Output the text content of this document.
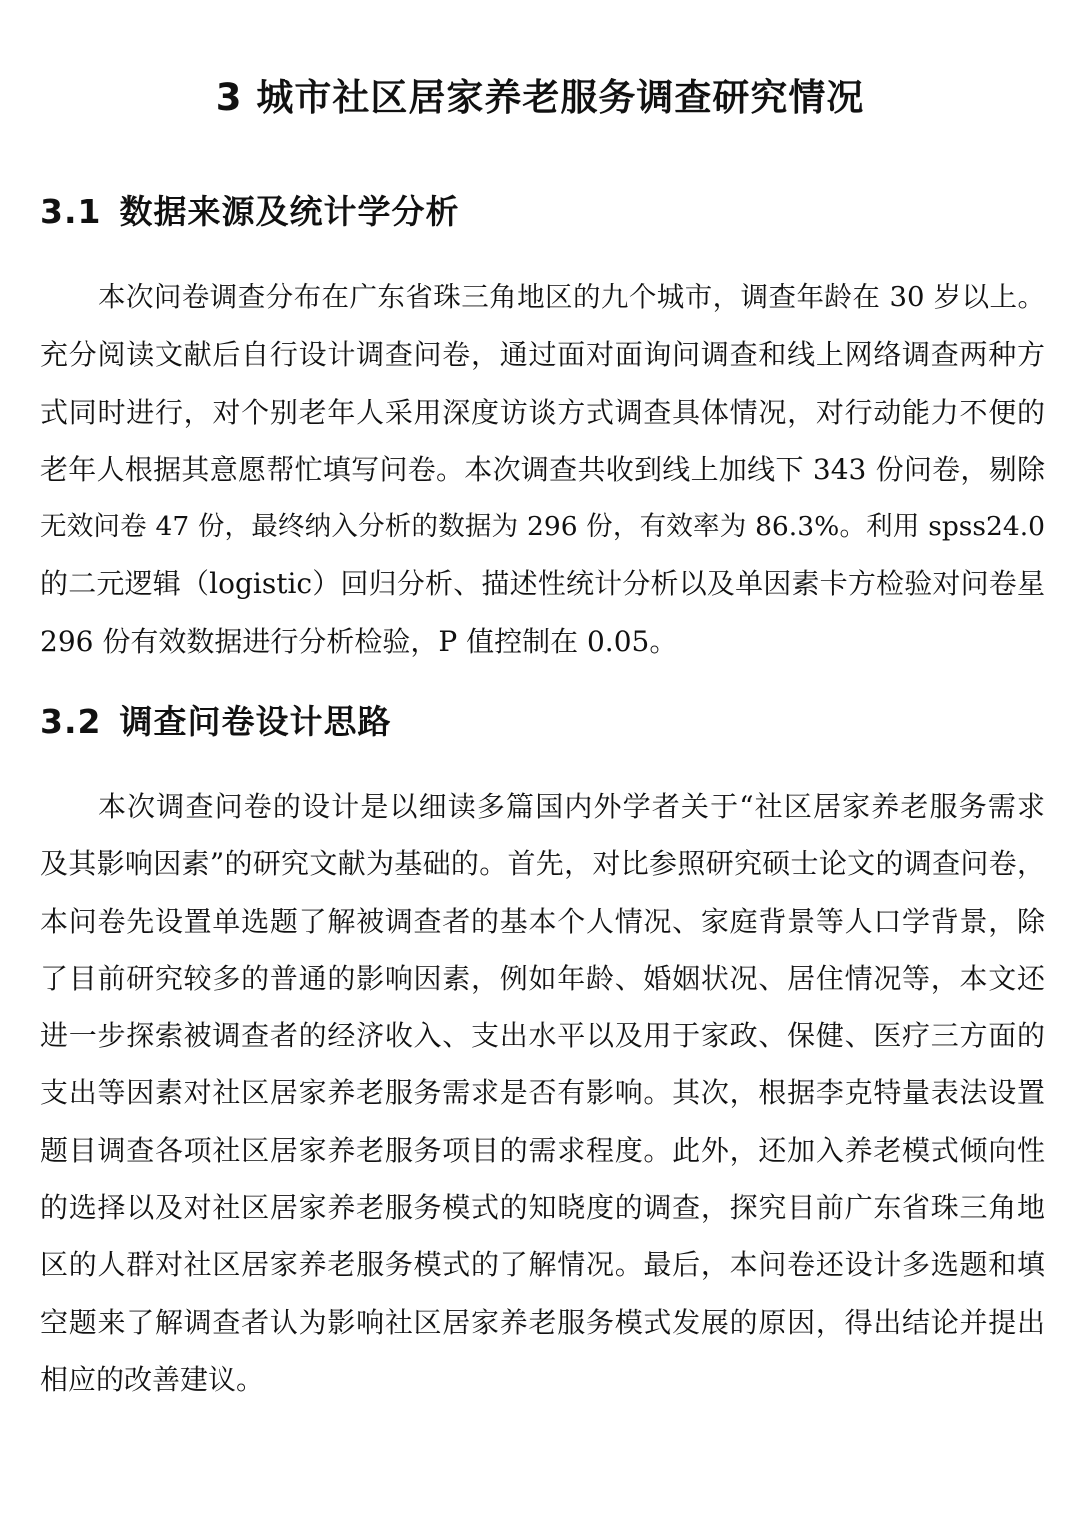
3 城市社区居家养老服务调查研究情况
3.1 数据来源及统计学分析
本次问卷调查分布在广东省珠三角地区的九个城市，调查年龄在 30 岁以上。
充分阅读文献后自行设计调查问卷，通过面对面询问调查和线上网络调查两种方
式同时进行，对个别老年人采用深度访谈方式调查具体情况，对行动能力不便的
老年人根据其意愿帮忙填写问卷。本次调查共收到线上加线下 343 份问卷，剔除
无效问卷 47 份，最终纳入分析的数据为 296 份，有效率为 86.3%。利用 spss24.0
的二元逻辑（logistic）回归分析、描述性统计分析以及单因素卡方检验对问卷星
296 份有效数据进行分析检验，P 值控制在 0.05。
3.2 调查问卷设计思路
本次调查问卷的设计是以细读多篇国内外学者关于“社区居家养老服务需求
及其影响因素”的研究文献为基础的。首先，对比参照研究硕士论文的调查问卷，
本问卷先设置单选题了解被调查者的基本个人情况、家庭背景等人口学背景，除
了目前研究较多的普通的影响因素，例如年龄、婚姻状况、居住情况等，本文还
进一步探索被调查者的经济收入、支出水平以及用于家政、保健、医疗三方面的
支出等因素对社区居家养老服务需求是否有影响。其次，根据李克特量表法设置
题目调查各项社区居家养老服务项目的需求程度。此外，还加入养老模式倾向性
的选择以及对社区居家养老服务模式的知晓度的调查，探究目前广东省珠三角地
区的人群对社区居家养老服务模式的了解情况。最后，本问卷还设计多选题和填
空题来了解调查者认为影响社区居家养老服务模式发展的原因，得出结论并提出
相应的改善建议。
